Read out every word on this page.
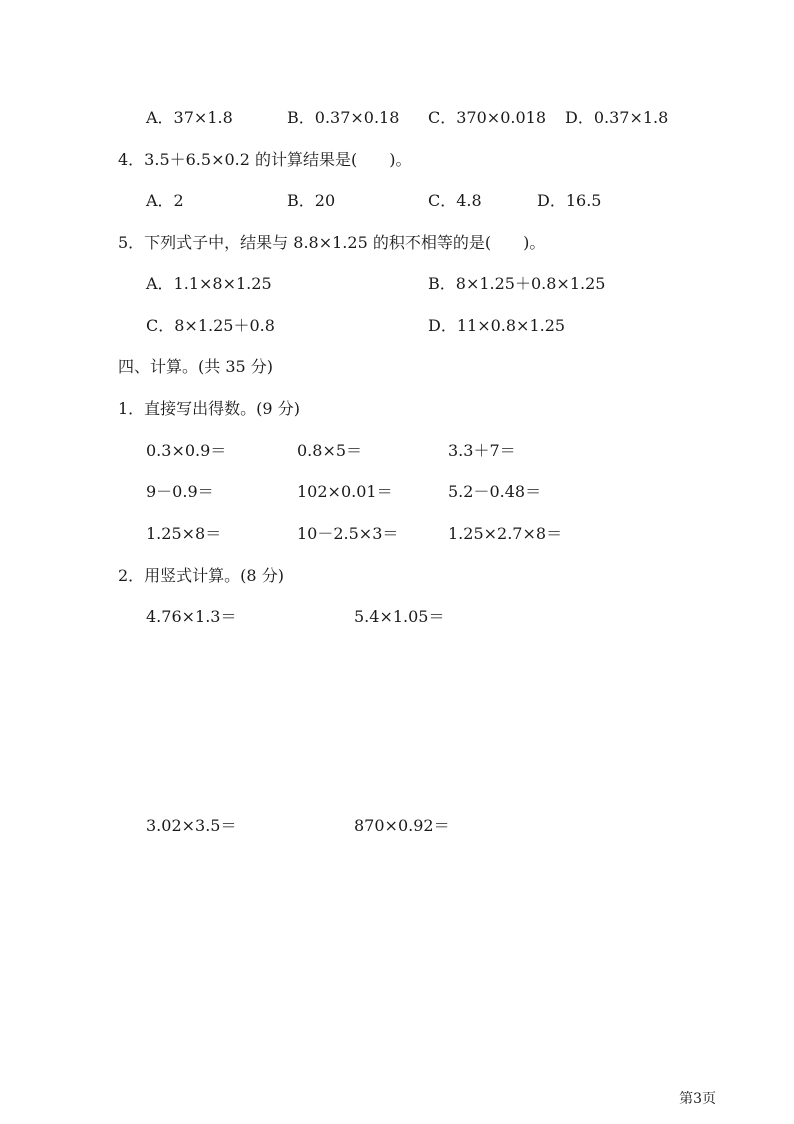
A．37×1.8	B．0.37×0.18 C．370×0.018 D．0.37×1.8
4．3.5＋6.5×0.2 的计算结果是(　　)。
A．2	B．20	C．4.8	D．16.5
5．下列式子中，结果与 8.8×1.25 的积不相等的是(　　)。
A．1.1×8×1.25	B．8×1.25＋0.8×1.25
C．8×1.25＋0.8	D．11×0.8×1.25
四、计算。(共 35 分)
1．直接写出得数。(9 分)
0.3×0.9＝	0.8×5＝	3.3＋7＝
9－0.9＝	102×0.01＝	5.2－0.48＝
1.25×8＝	10－2.5×3＝	1.25×2.7×8＝
2．用竖式计算。(8 分)
4.76×1.3＝	5.4×1.05＝
3.02×3.5＝	870×0.92＝
第3页
